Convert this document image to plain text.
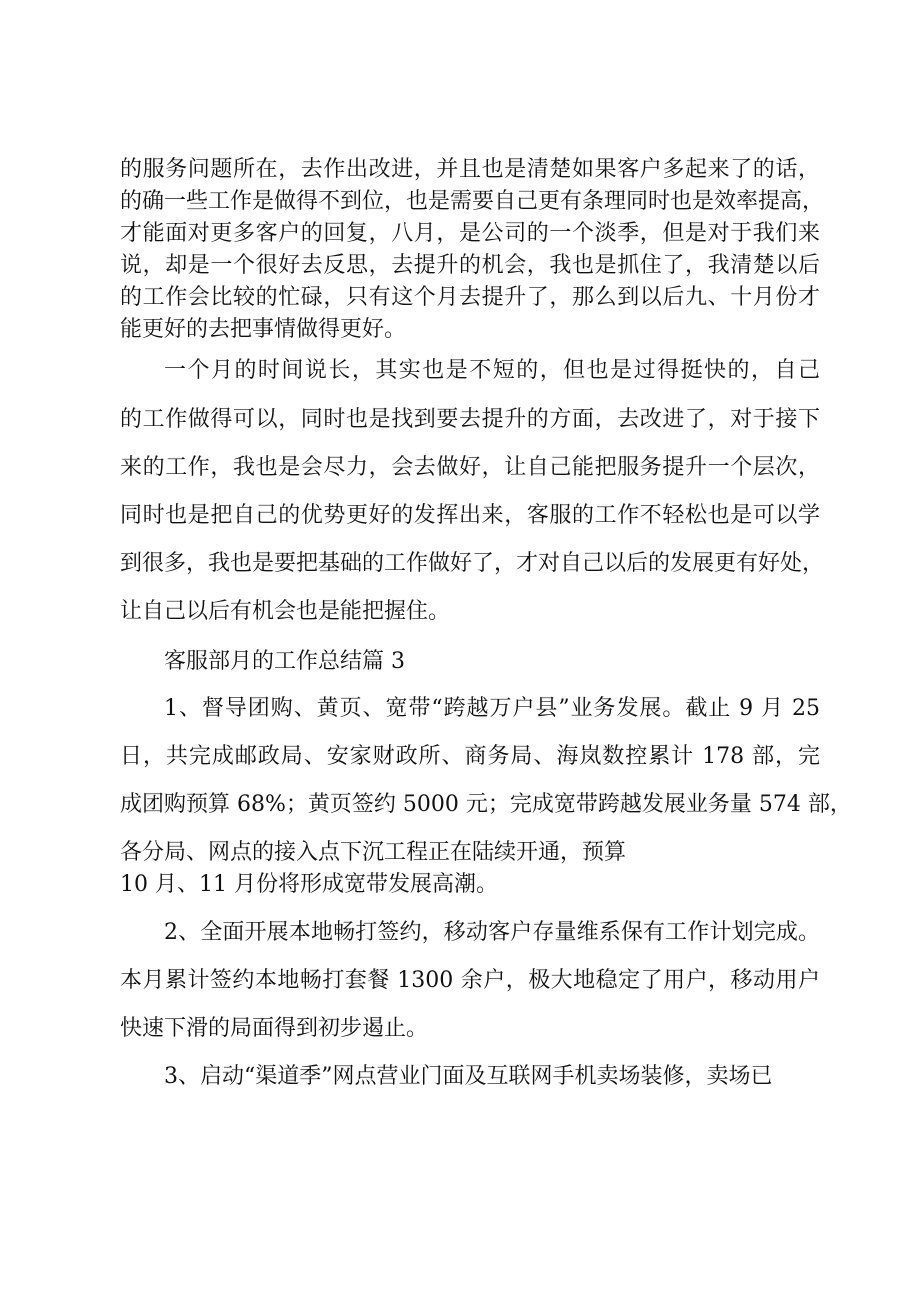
的服务问题所在，去作出改进，并且也是清楚如果客户多起来了的话，
的确一些工作是做得不到位，也是需要自己更有条理同时也是效率提高，
才能面对更多客户的回复，八月，是公司的一个淡季，但是对于我们来
说，却是一个很好去反思，去提升的机会，我也是抓住了，我清楚以后
的工作会比较的忙碌，只有这个月去提升了，那么到以后九、十月份才
能更好的去把事情做得更好。
一个月的时间说长，其实也是不短的，但也是过得挺快的，自己
的工作做得可以，同时也是找到要去提升的方面，去改进了，对于接下
来的工作，我也是会尽力，会去做好，让自己能把服务提升一个层次，
同时也是把自己的优势更好的发挥出来，客服的工作不轻松也是可以学
到很多，我也是要把基础的工作做好了，才对自己以后的发展更有好处，
让自己以后有机会也是能把握住。
客服部月的工作总结篇 3
1、督导团购、黄页、宽带“跨越万户县”业务发展。截止 9 月 25
日，共完成邮政局、安家财政所、商务局、海岚数控累计 178 部，完
成团购预算 68%；黄页签约 5000 元；完成宽带跨越发展业务量 574 部，
各分局、网点的接入点下沉工程正在陆续开通，预算
10 月、11 月份将形成宽带发展高潮。
2、全面开展本地畅打签约，移动客户存量维系保有工作计划完成。
本月累计签约本地畅打套餐 1300 余户，极大地稳定了用户，移动用户
快速下滑的局面得到初步遏止。
3、启动“渠道季”网点营业门面及互联网手机卖场装修，卖场已
